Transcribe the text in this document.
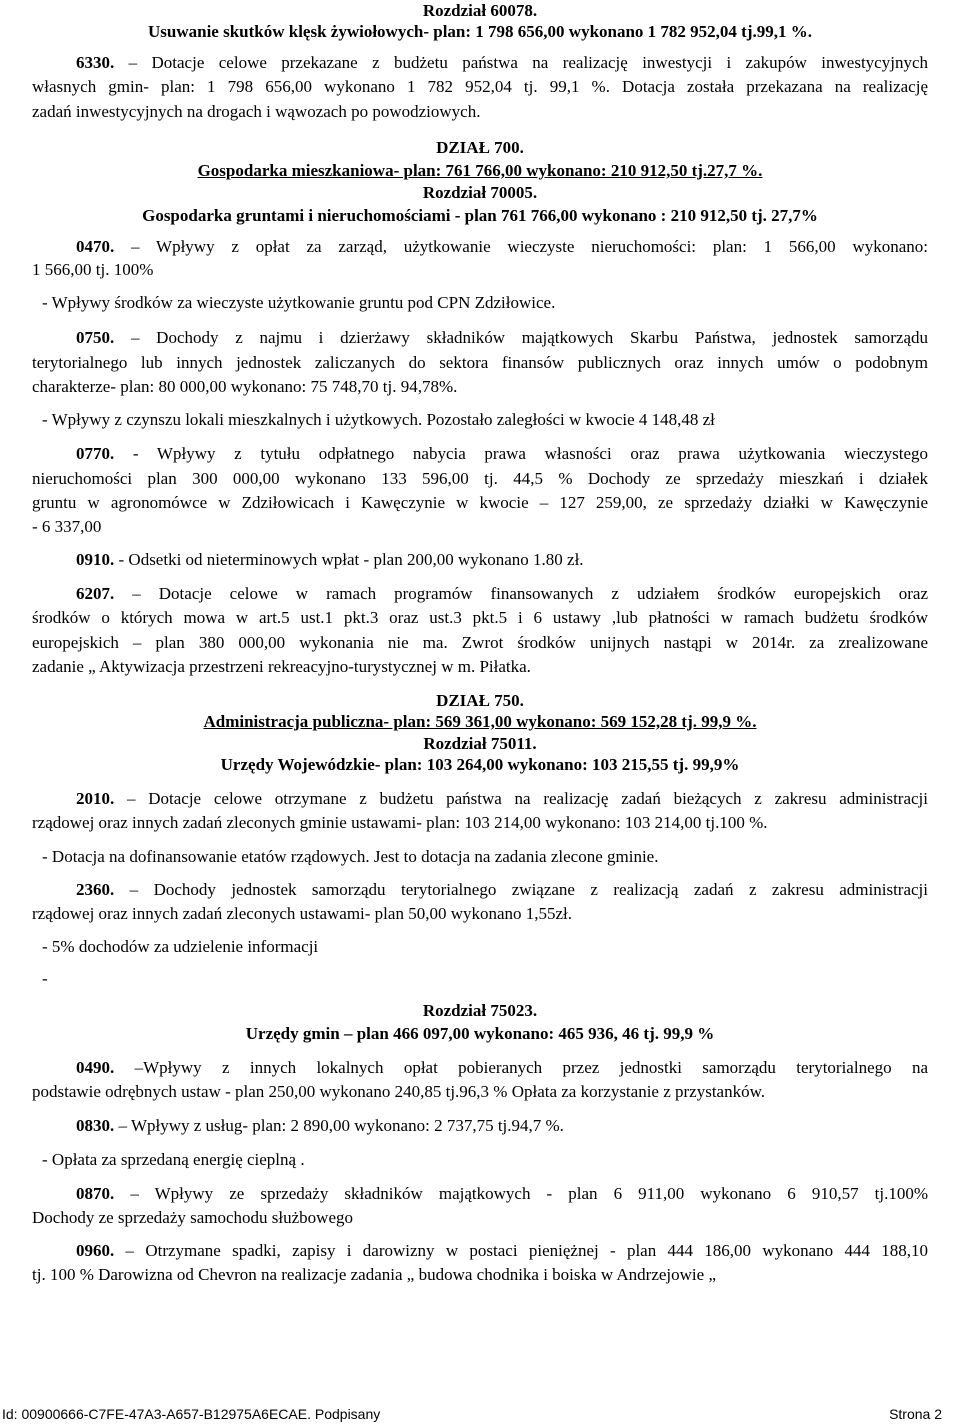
Rozdział 60078.
Usuwanie skutków klęsk żywiołowych- plan: 1 798 656,00 wykonano 1 782 952,04 tj.99,1 %.
6330. – Dotacje celowe przekazane z budżetu państwa na realizację inwestycji i zakupów inwestycyjnych
własnych gmin- plan: 1 798 656,00 wykonano 1 782 952,04 tj. 99,1 %. Dotacja została przekazana na realizację
zadań inwestycyjnych na drogach i wąwozach po powodziowych.
DZIAŁ 700.
Gospodarka mieszkaniowa- plan: 761 766,00 wykonano: 210 912,50 tj.27,7 %.
Rozdział 70005.
Gospodarka gruntami i nieruchomościami - plan 761 766,00 wykonano : 210 912,50 tj. 27,7%
0470. – Wpływy z opłat za zarząd, użytkowanie wieczyste nieruchomości: plan: 1 566,00 wykonano:
1 566,00 tj. 100%
- Wpływy środków za wieczyste użytkowanie gruntu pod CPN Zdziłowice.
0750. – Dochody z najmu i dzierżawy składników majątkowych Skarbu Państwa, jednostek samorządu
terytorialnego lub innych jednostek zaliczanych do sektora finansów publicznych oraz innych umów o podobnym
charakterze- plan: 80 000,00 wykonano: 75 748,70 tj. 94,78%.
- Wpływy z czynszu lokali mieszkalnych i użytkowych. Pozostało zaległości w kwocie 4 148,48 zł
0770. - Wpływy z tytułu odpłatnego nabycia prawa własności oraz prawa użytkowania wieczystego
nieruchomości plan 300 000,00 wykonano 133 596,00 tj. 44,5 % Dochody ze sprzedaży mieszkań i działek
gruntu w agronomówce w Zdziłowicach i Kawęczynie w kwocie – 127 259,00, ze sprzedaży działki w Kawęczynie
- 6 337,00
0910. - Odsetki od nieterminowych wpłat - plan 200,00 wykonano 1.80 zł.
6207. – Dotacje celowe w ramach programów finansowanych z udziałem środków europejskich oraz
środków o których mowa w art.5 ust.1 pkt.3 oraz ust.3 pkt.5 i 6 ustawy ,lub płatności w ramach budżetu środków
europejskich – plan 380 000,00 wykonania nie ma. Zwrot środków unijnych nastąpi w 2014r. za zrealizowane
zadanie „ Aktywizacja przestrzeni rekreacyjno-turystycznej w m. Piłatka.
DZIAŁ 750.
Administracja publiczna- plan: 569 361,00 wykonano: 569 152,28 tj. 99,9 %.
Rozdział 75011.
Urzędy Wojewódzkie- plan: 103 264,00 wykonano: 103 215,55 tj. 99,9%
2010. – Dotacje celowe otrzymane z budżetu państwa na realizację zadań bieżących z zakresu administracji
rządowej oraz innych zadań zleconych gminie ustawami- plan: 103 214,00 wykonano: 103 214,00 tj.100 %.
- Dotacja na dofinansowanie etatów rządowych. Jest to dotacja na zadania zlecone gminie.
2360. – Dochody jednostek samorządu terytorialnego związane z realizacją zadań z zakresu administracji
rządowej oraz innych zadań zleconych ustawami- plan 50,00 wykonano 1,55zł.
- 5% dochodów za udzielenie informacji
-
Rozdział 75023.
Urzędy gmin – plan 466 097,00 wykonano: 465 936, 46 tj. 99,9 %
0490. –Wpływy z innych lokalnych opłat pobieranych przez jednostki samorządu terytorialnego na
podstawie odrębnych ustaw - plan 250,00 wykonano 240,85 tj.96,3 % Opłata za korzystanie z przystanków.
0830. – Wpływy z usług- plan: 2 890,00 wykonano: 2 737,75 tj.94,7 %.
- Opłata za sprzedaną energię cieplną .
0870. – Wpływy ze sprzedaży składników majątkowych - plan 6 911,00 wykonano 6 910,57 tj.100%
Dochody ze sprzedaży samochodu służbowego
0960. – Otrzymane spadki, zapisy i darowizny w postaci pieniężnej - plan 444 186,00 wykonano 444 188,10
tj. 100 % Darowizna od Chevron na realizacje zadania „ budowa chodnika i boiska w Andrzejowie „
Id: 00900666-C7FE-47A3-A657-B12975A6ECAE. Podpisany	Strona 2
